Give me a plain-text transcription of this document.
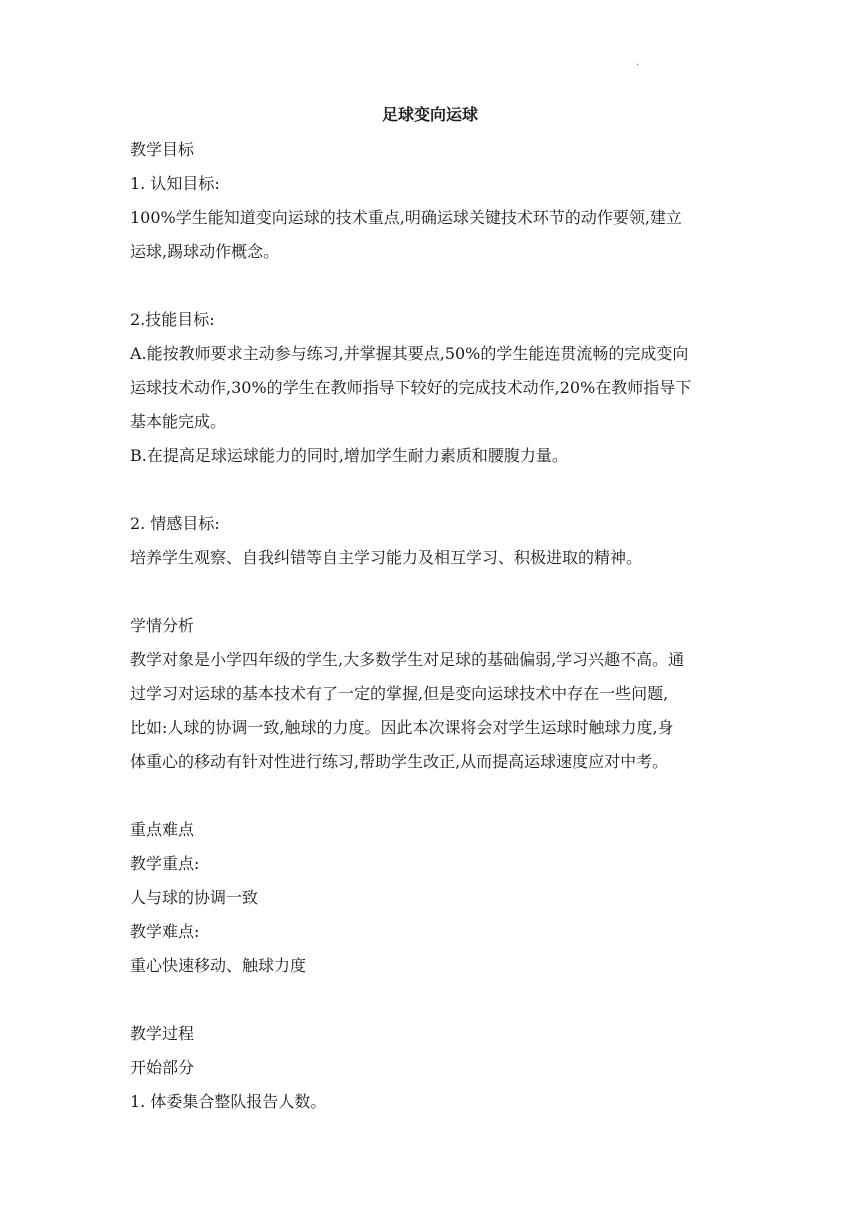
.
足球变向运球
教学目标
1. 认知目标:
100%学生能知道变向运球的技术重点,明确运球关键技术环节的动作要领,建立
运球,踢球动作概念。
2.技能目标:
A.能按教师要求主动参与练习,并掌握其要点,50%的学生能连贯流畅的完成变向
运球技术动作,30%的学生在教师指导下较好的完成技术动作,20%在教师指导下
基本能完成。
B.在提高足球运球能力的同时,增加学生耐力素质和腰腹力量。
2. 情感目标:
培养学生观察、自我纠错等自主学习能力及相互学习、积极进取的精神。
学情分析
教学对象是小学四年级的学生,大多数学生对足球的基础偏弱,学习兴趣不高。通
过学习对运球的基本技术有了一定的掌握,但是变向运球技术中存在一些问题,
比如:人球的协调一致,触球的力度。因此本次课将会对学生运球时触球力度,身
体重心的移动有针对性进行练习,帮助学生改正,从而提高运球速度应对中考。
重点难点
教学重点:
人与球的协调一致
教学难点:
重心快速移动、触球力度
教学过程
开始部分
1. 体委集合整队报告人数。
